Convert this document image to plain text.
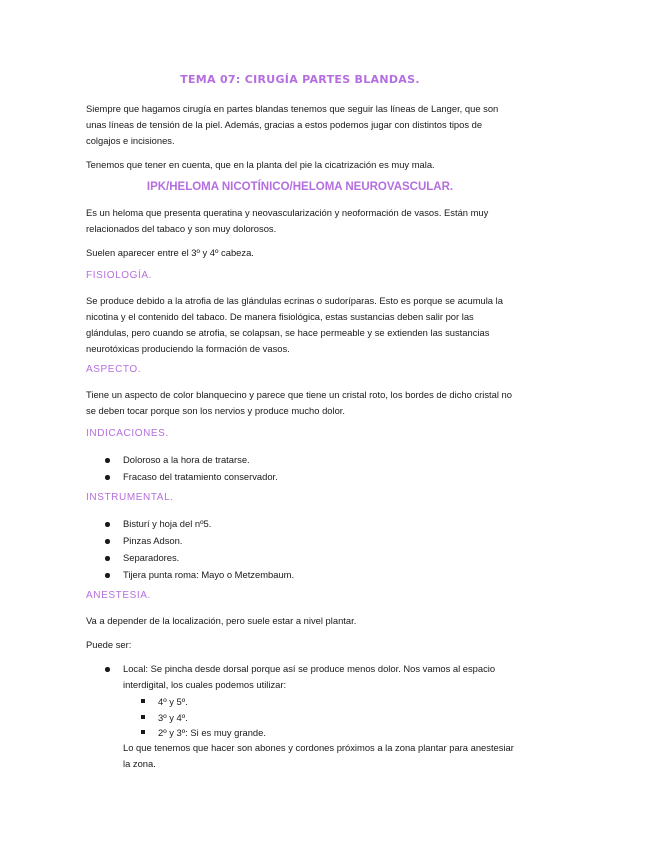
TEMA 07: CIRUGÍA PARTES BLANDAS.

Siempre que hagamos cirugía en partes blandas tenemos que seguir las líneas de Langer, que son unas líneas de tensión de la piel. Además, gracias a estos podemos jugar con distintos tipos de colgajos e incisiones.

Tenemos que tener en cuenta, que en la planta del pie la cicatrización es muy mala.

IPK/HELOMA NICOTÍNICO/HELOMA NEUROVASCULAR.

Es un heloma que presenta queratina y neovascularización y neoformación de vasos. Están muy relacionados del tabaco y son muy dolorosos.

Suelen aparecer entre el 3º y 4º cabeza.

FISIOLOGÍA.

Se produce debido a la atrofia de las glándulas ecrinas o sudoríparas. Esto es porque se acumula la nicotina y el contenido del tabaco. De manera fisiológica, estas sustancias deben salir por las glándulas, pero cuando se atrofia, se colapsan, se hace permeable y se extienden las sustancias neurotóxicas produciendo la formación de vasos.

ASPECTO.

Tiene un aspecto de color blanquecino y parece que tiene un cristal roto, los bordes de dicho cristal no se deben tocar porque son los nervios y produce mucho dolor.

INDICACIONES.
Doloroso a la hora de tratarse.
Fracaso del tratamiento conservador.
INSTRUMENTAL.
Bisturí y hoja del nº5.
Pinzas Adson.
Separadores.
Tijera punta roma: Mayo o Metzembaum.
ANESTESIA.

Va a depender de la localización, pero suele estar a nivel plantar.

Puede ser:

Local: Se pincha desde dorsal porque así se produce menos dolor. Nos vamos al espacio interdigital, los cuales podemos utilizar:
4º y 5º.
3º y 4º.
2º y 3º: Si es muy grande.

Lo que tenemos que hacer son abones y cordones próximos a la zona plantar para anestesiar la zona.
